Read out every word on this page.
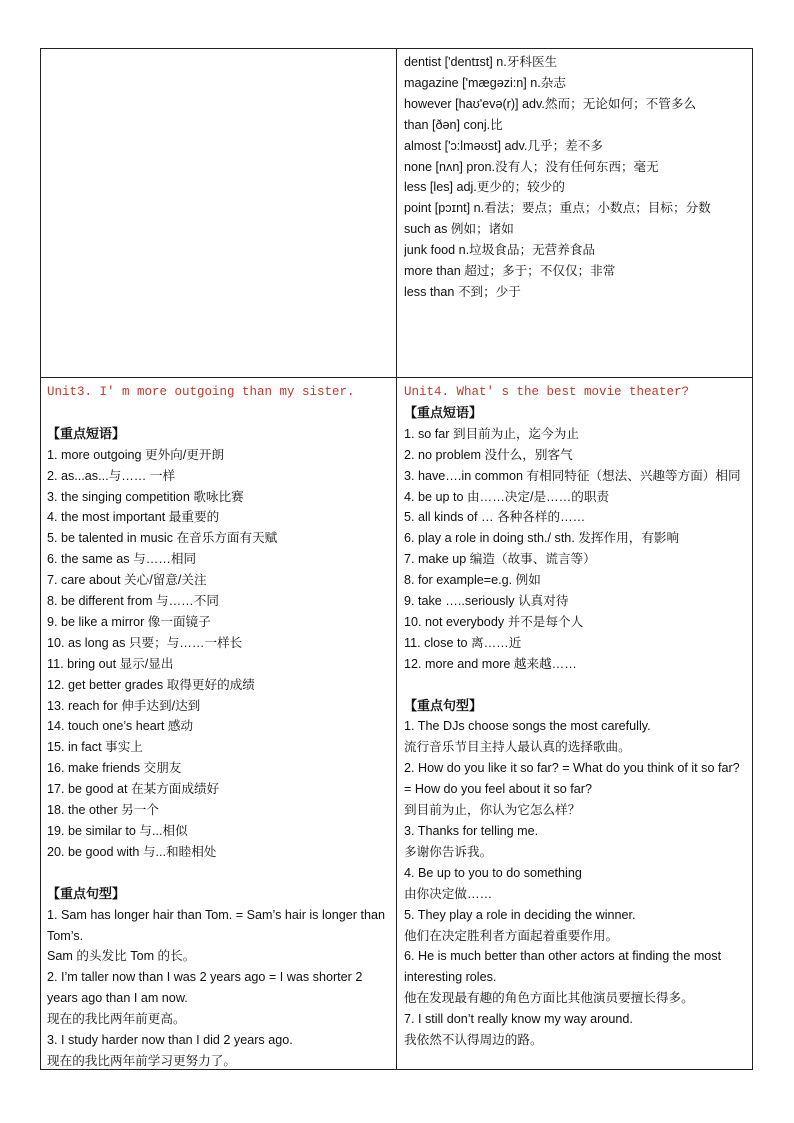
dentist ['dentɪst] n.牙科医生
magazine ['mæɡəzi:n] n.杂志
however [haʊ'evə(r)] adv.然而；无论如何；不管多么
than [ðən] conj.比
almost ['ɔ:lməʊst] adv.几乎；差不多
none [nʌn] pron.没有人；没有任何东西；毫无
less [les] adj.更少的；较少的
point [pɔɪnt] n.看法；要点；重点；小数点；目标；分数
such as 例如；诸如
junk food n.垃圾食品；无营养食品
more than 超过；多于；不仅仅；非常
less than 不到；少于
Unit3. I' m more outgoing than my sister.
【重点短语】
1. more outgoing 更外向/更开朗
2. as...as...与…… 一样
3. the singing competition 歌咏比赛
4. the most important 最重要的
5. be talented in music 在音乐方面有天赋
6. the same as 与……相同
7. care about 关心/留意/关注
8. be different from 与……不同
9. be like a mirror 像一面镜子
10. as long as 只要；与……一样长
11. bring out 显示/显出
12. get better grades 取得更好的成绩
13. reach for 伸手达到/达到
14. touch one’s heart 感动
15. in fact 事实上
16. make friends 交朋友
17. be good at 在某方面成绩好
18. the other 另一个
19. be similar to 与...相似
20. be good with 与...和睦相处
【重点句型】
1. Sam has longer hair than Tom. = Sam’s hair is longer than Tom’s.
Sam 的头发比 Tom 的长。
2. I’m taller now than I was 2 years ago = I was shorter 2 years ago than I am now.
现在的我比两年前更高。
3. I study harder now than I did 2 years ago.
现在的我比两年前学习更努力了。
Unit4. What' s the best movie theater?
【重点短语】
1. so far 到目前为止，迄今为止
2. no problem 没什么，别客气
3. have….in common 有相同特征（想法、兴趣等方面）相同
4. be up to 由……决定/是……的职责
5. all kinds of … 各种各样的……
6. play a role in doing sth./ sth. 发挥作用，有影响
7. make up 编造（故事、谎言等）
8. for example=e.g. 例如
9. take …..seriously 认真对待
10. not everybody 并不是每个人
11. close to 离……近
12. more and more 越来越……
【重点句型】
1. The DJs choose songs the most carefully.
流行音乐节目主持人最认真的选择歌曲。
2. How do you like it so far? = What do you think of it so far? = How do you feel about it so far?
到目前为止，你认为它怎么样？
3. Thanks for telling me.
多谢你告诉我。
4. Be up to you to do something
由你决定做……
5. They play a role in deciding the winner.
他们在决定胜利者方面起着重要作用。
6. He is much better than other actors at finding the most interesting roles.
他在发现最有趣的角色方面比其他演员要擅长得多。
7. I still don’t really know my way around.
我依然不认得周边的路。
